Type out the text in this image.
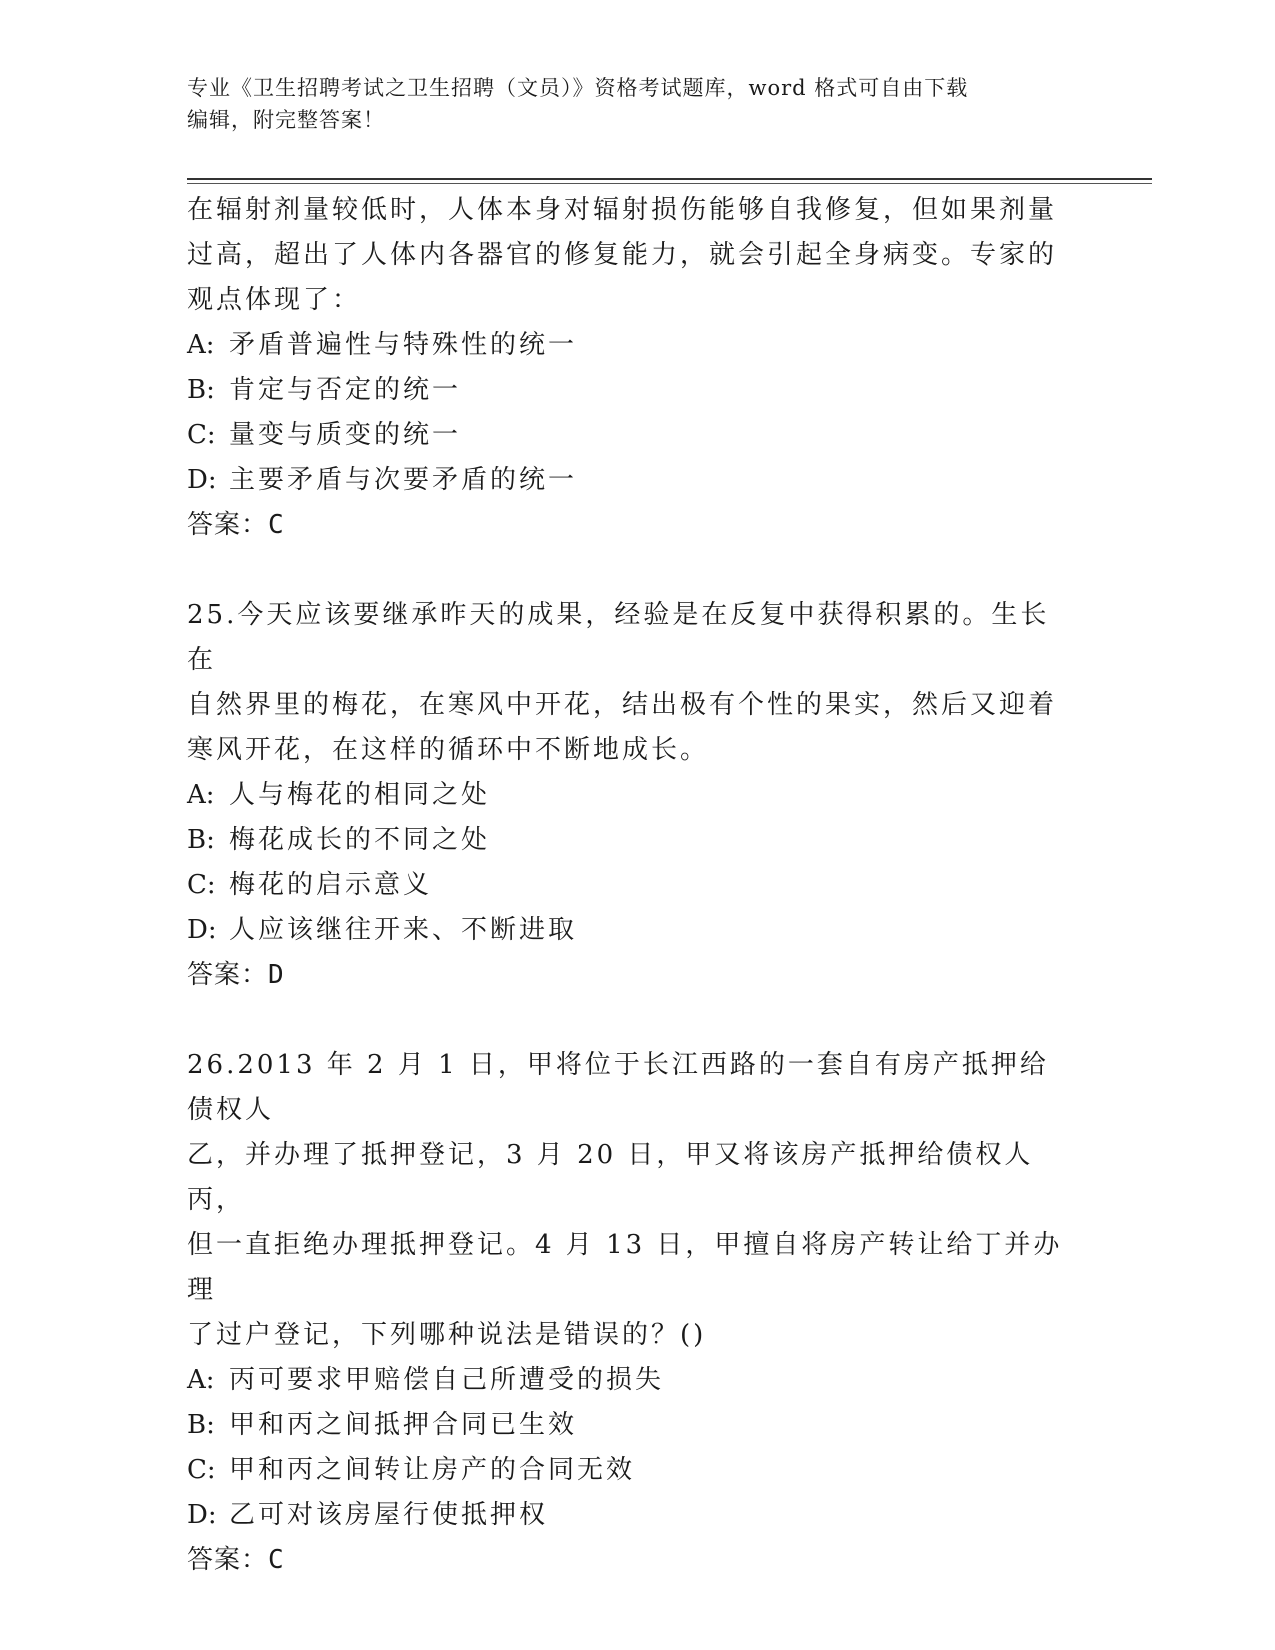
专业《卫生招聘考试之卫生招聘（文员）》资格考试题库，word 格式可自由下载
编辑，附完整答案！

在辐射剂量较低时，人体本身对辐射损伤能够自我修复，但如果剂量

过高，超出了人体内各器官的修复能力，就会引起全身病变。专家的

观点体现了：

A: 矛盾普遍性与特殊性的统一

B: 肯定与否定的统一

C: 量变与质变的统一

D: 主要矛盾与次要矛盾的统一

答案：C

25.今天应该要继承昨天的成果，经验是在反复中获得积累的。生长在

自然界里的梅花，在寒风中开花，结出极有个性的果实，然后又迎着

寒风开花，在这样的循环中不断地成长。

A: 人与梅花的相同之处

B: 梅花成长的不同之处

C: 梅花的启示意义

D: 人应该继往开来、不断进取

答案：D

26.2013 年 2 月 1 日，甲将位于长江西路的一套自有房产抵押给债权人

乙，并办理了抵押登记，3 月 20 日，甲又将该房产抵押给债权人丙，

但一直拒绝办理抵押登记。4 月 13 日，甲擅自将房产转让给丁并办理

了过户登记，下列哪种说法是错误的？()

A: 丙可要求甲赔偿自己所遭受的损失

B: 甲和丙之间抵押合同已生效

C: 甲和丙之间转让房产的合同无效

D: 乙可对该房屋行使抵押权

答案：C
